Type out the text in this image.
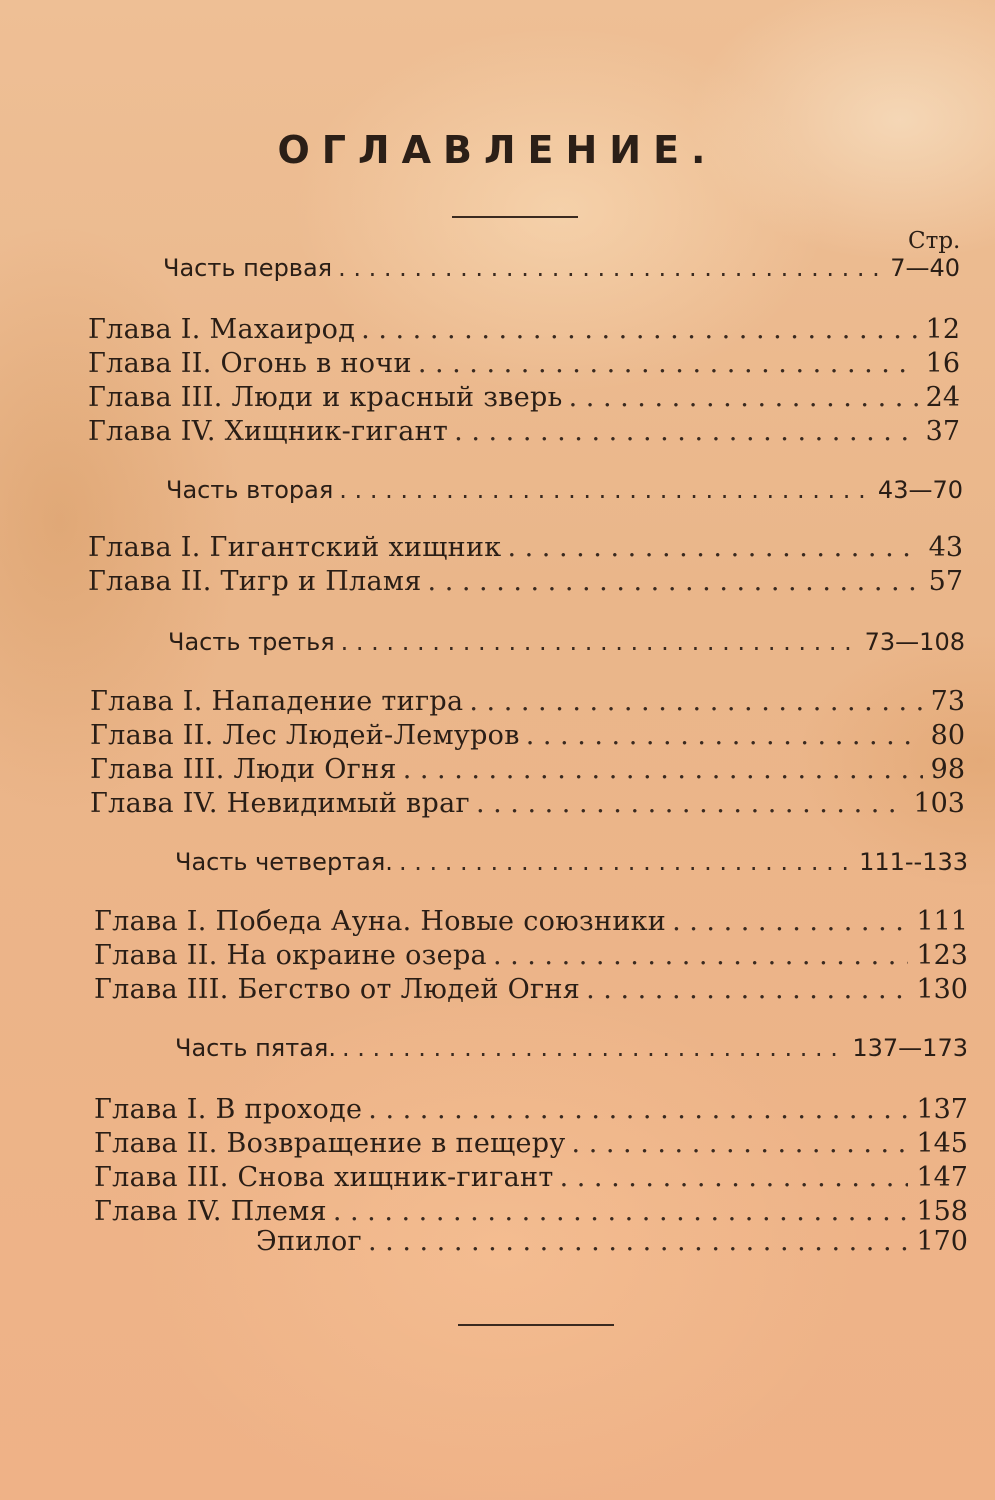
ОГЛАВЛЕНИЕ.
Стр.
Часть первая . . .	7—40
Глава I. Махаирод . . .	12
Глава II. Огонь в ночи . . .	16
Глава III. Люди и красный зверь . . .	24
Глава IV. Хищник-гигант . . .	37
Часть вторая . . .	43—70
Глава I. Гигантский хищник . . .	43
Глава II. Тигр и Пламя . . .	57
Часть третья . . .	73—108
Глава I. Нападение тигра . . .	73
Глава II. Лес Людей-Лемуров . . .	80
Глава III. Люди Огня . . .	98
Глава IV. Невидимый враг . . .	103
Часть четвертая. . . .	111--133
Глава I. Победа Ауна. Новые союзники . . .	111
Глава II. На окраине озера . . .	123
Глава III. Бегство от Людей Огня . . .	130
Часть пятая. . . .	137—173
Глава I. В проходе . . .	137
Глава II. Возвращение в пещеру . . .	145
Глава III. Снова хищник-гигант . . .	147
Глава IV. Племя . . .	158
Эпилог . . .	170
